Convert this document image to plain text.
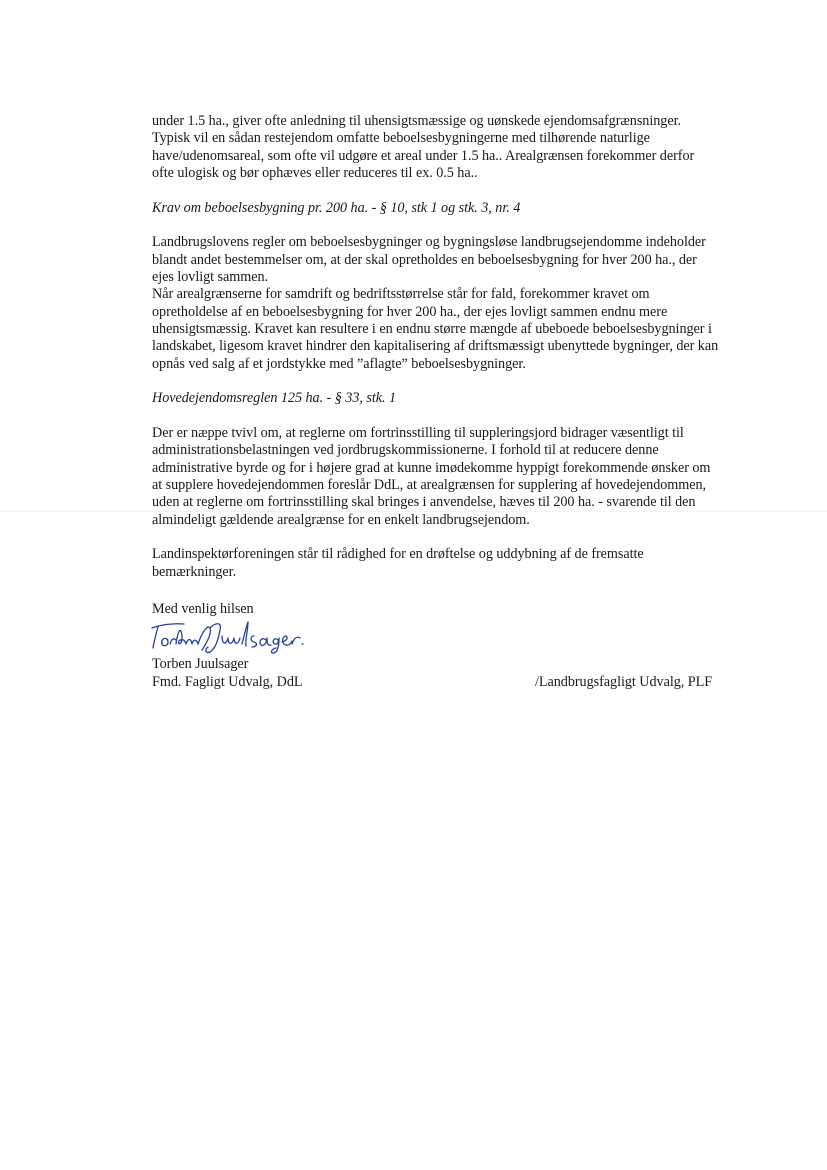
under 1.5 ha., giver ofte anledning til uhensigtsmæssige og uønskede ejendomsafgrænsninger.
Typisk vil en sådan restejendom omfatte beboelsesbygningerne med tilhørende naturlige
have/udenomsareal, som ofte vil udgøre et areal under 1.5 ha.. Arealgrænsen forekommer derfor
ofte ulogisk og bør ophæves eller reduceres til ex. 0.5 ha..

Krav om beboelsesbygning pr. 200 ha. - § 10, stk 1 og stk. 3, nr. 4

Landbrugslovens regler om beboelsesbygninger og bygningsløse landbrugsejendomme indeholder
blandt andet bestemmelser om, at der skal opretholdes en beboelsesbygning for hver 200 ha., der
ejes lovligt sammen.
Når arealgrænserne for samdrift og bedriftsstørrelse står for fald, forekommer kravet om
opretholdelse af en beboelsesbygning for hver 200 ha., der ejes lovligt sammen endnu mere
uhensigtsmæssig. Kravet kan resultere i en endnu større mængde af ubeboede beboelsesbygninger i
landskabet, ligesom kravet hindrer den kapitalisering af driftsmæssigt ubenyttede bygninger, der kan
opnås ved salg af et jordstykke med ”aflagte” beboelsesbygninger.

Hovedejendomsreglen 125 ha. - § 33, stk. 1

Der er næppe tvivl om, at reglerne om fortrinsstilling til suppleringsjord bidrager væsentligt til
administrationsbelastningen ved jordbrugskommissionerne. I forhold til at reducere denne
administrative byrde og for i højere grad at kunne imødekomme hyppigt forekommende ønsker om
at supplere hovedejendommen foreslår DdL, at arealgrænsen for supplering af hovedejendommen,
uden at reglerne om fortrinsstilling skal bringes i anvendelse, hæves til 200 ha. - svarende til den
almindeligt gældende arealgrænse for en enkelt landbrugsejendom.

Landinspektørforeningen står til rådighed for en drøftelse og uddybning af de fremsatte
bemærkninger.

Med venlig hilsen
Torben Juulsager
Fmd. Fagligt Udvalg, DdL	/Landbrugsfagligt Udvalg, PLF
